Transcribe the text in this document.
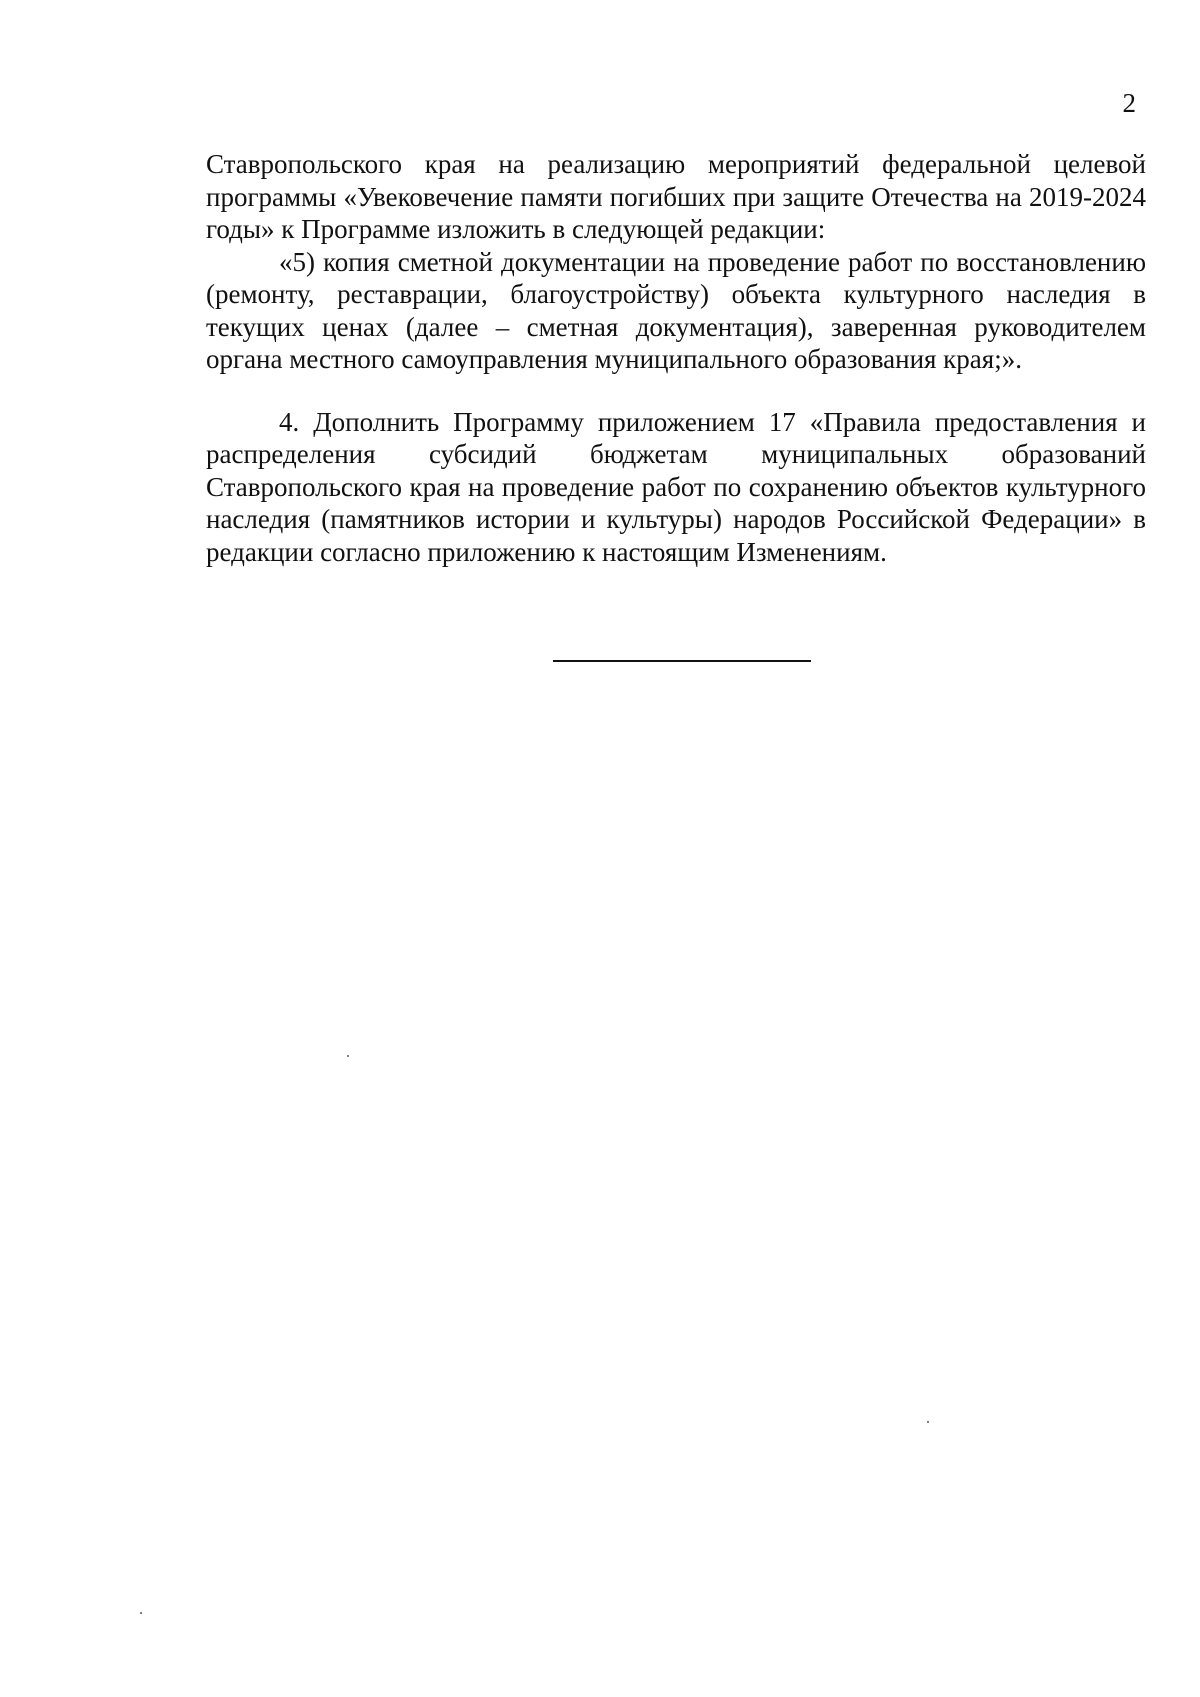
2

Ставропольского края на реализацию мероприятий федеральной целевой программы «Увековечение памяти погибших при защите Отечества на 2019-2024 годы» к Программе изложить в следующей редакции:

«5) копия сметной документации на проведение работ по восстановлению (ремонту, реставрации, благоустройству) объекта культурного наследия в текущих ценах (далее – сметная документация), заверенная руководителем органа местного самоуправления муниципального образования края;».

4. Дополнить Программу приложением 17 «Правила предоставления и распределения субсидий бюджетам муниципальных образований Ставропольского края на проведение работ по сохранению объектов культурного наследия (памятников истории и культуры) народов Российской Федерации» в редакции согласно приложению к настоящим Изменениям.
